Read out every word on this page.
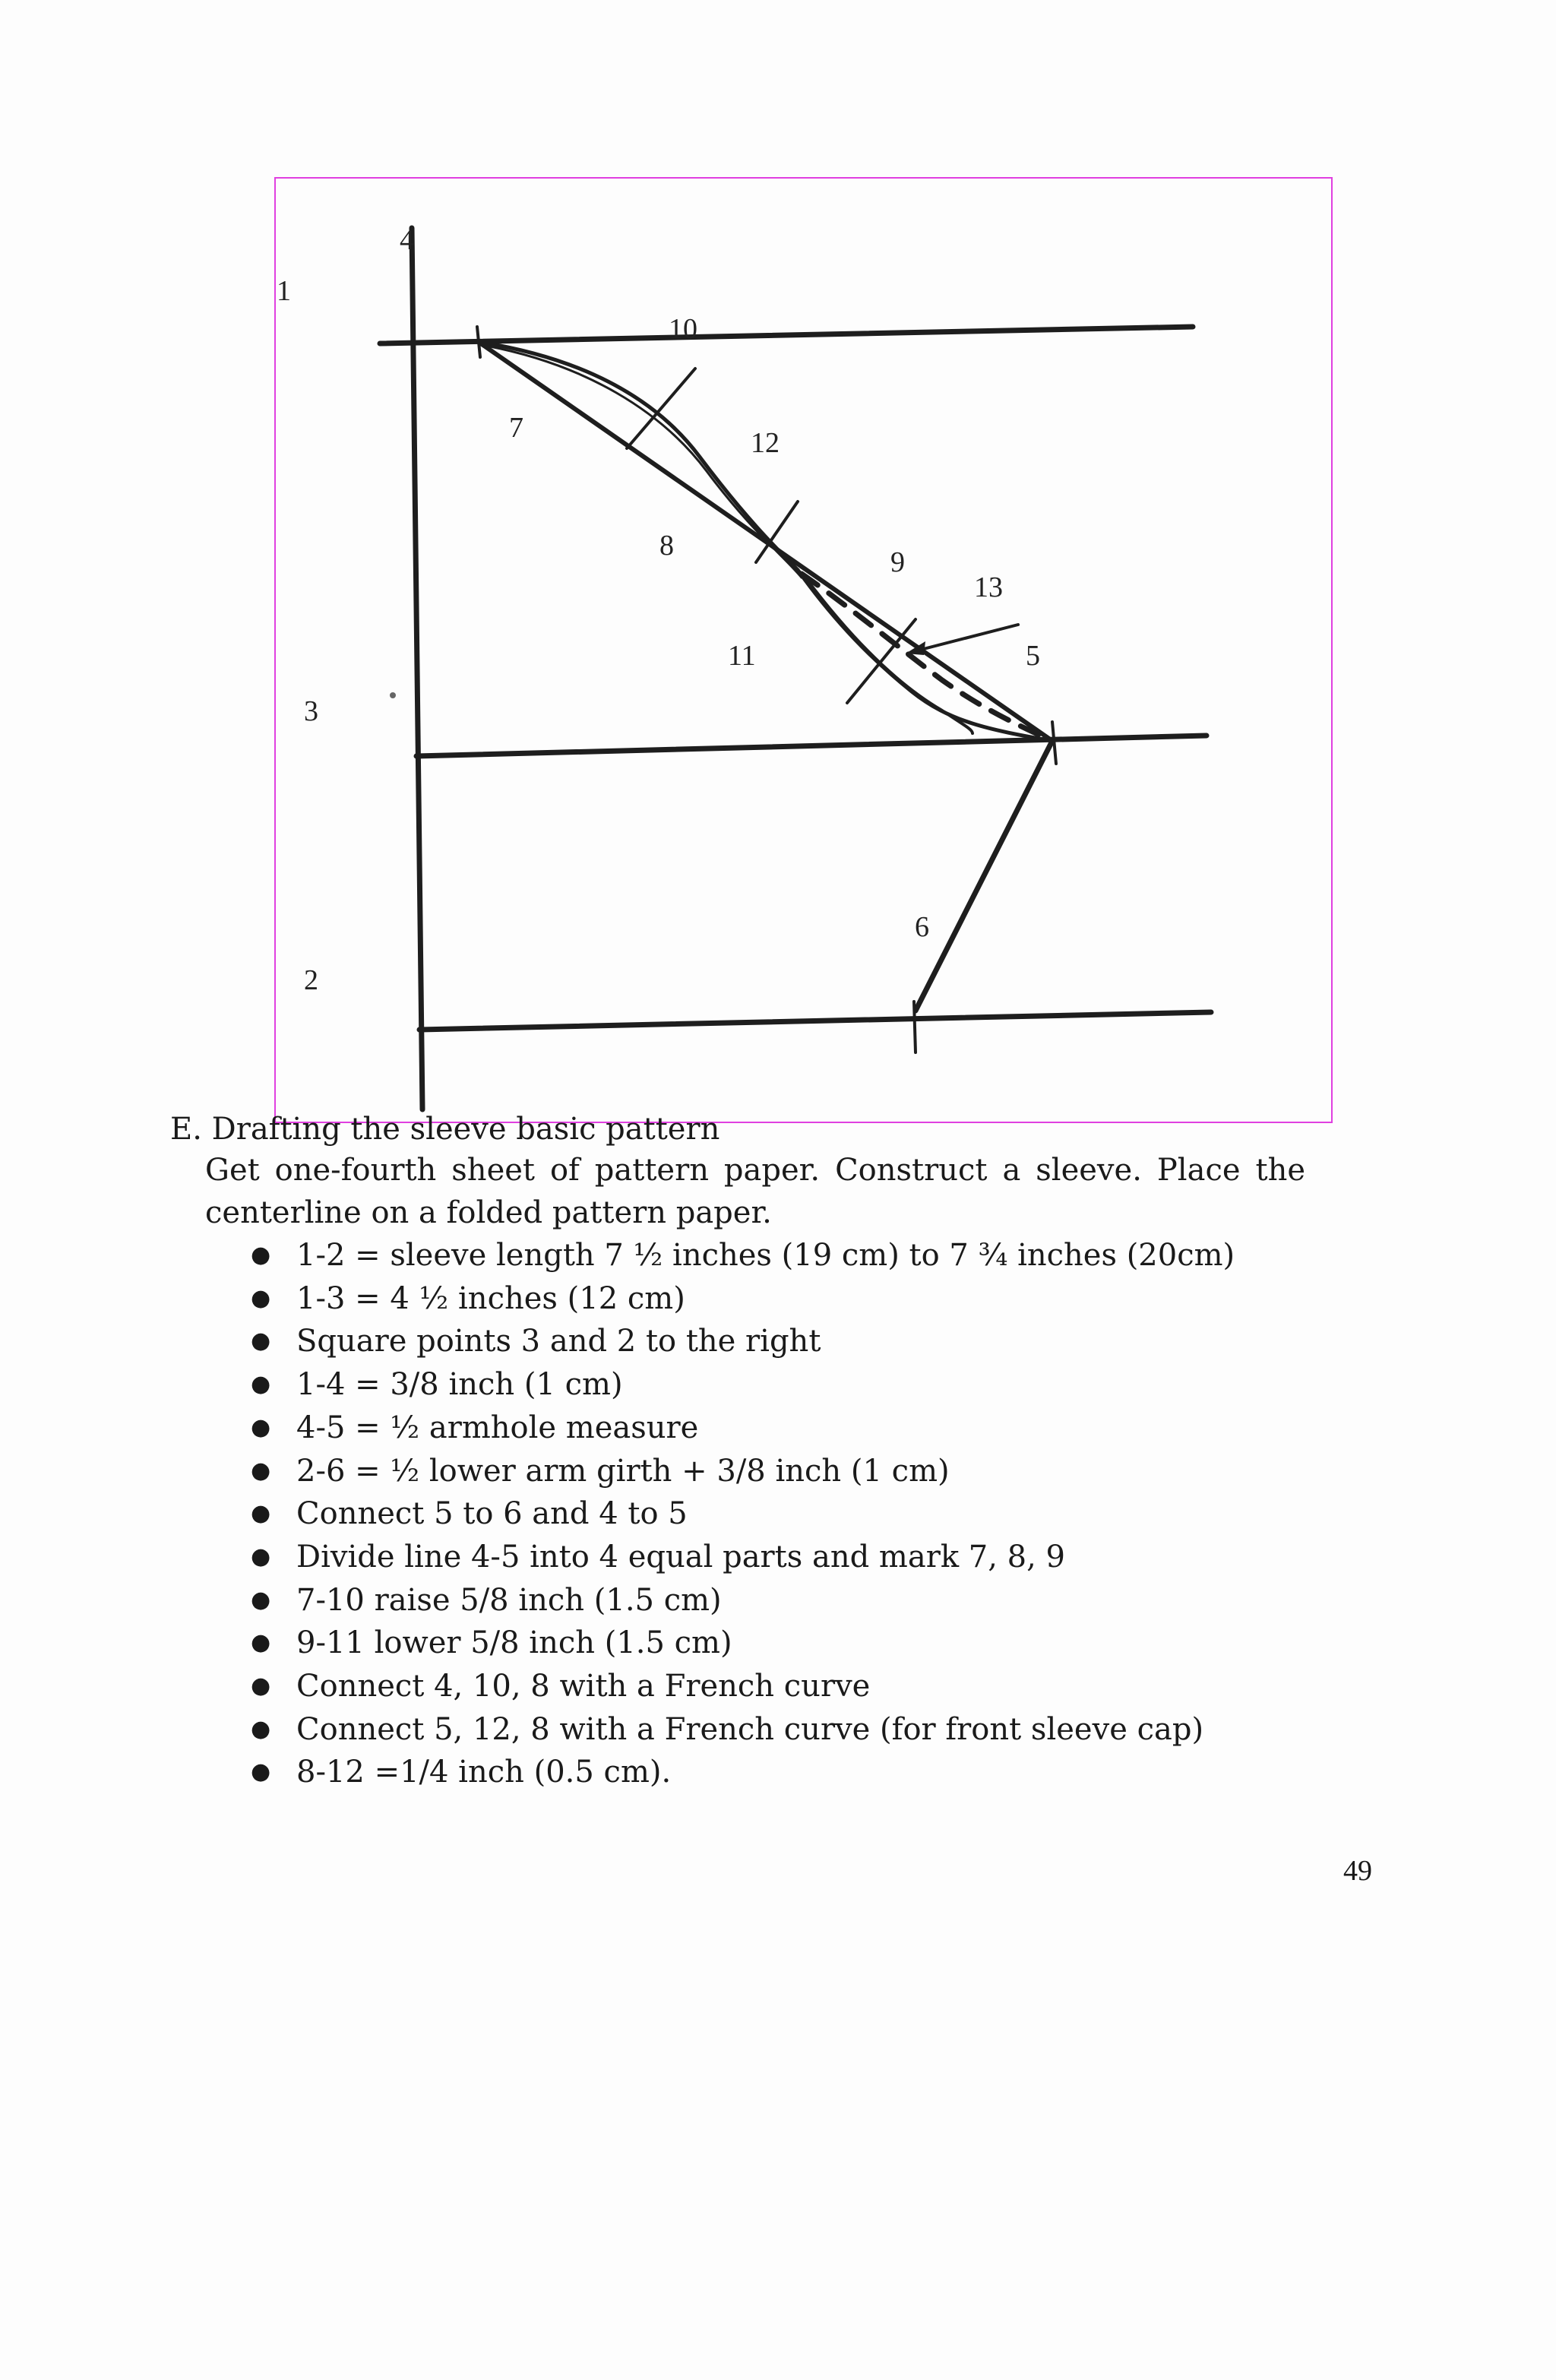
1
2
3
4
5
6
7
8
9
10
11
12
13
E. Drafting the sleeve basic pattern

Get one-fourth sheet of pattern paper. Construct a sleeve. Place the centerline on a folded pattern paper.

● 1-2 = sleeve length 7 ½ inches (19 cm) to 7 ¾ inches (20cm)
● 1-3 = 4 ½ inches (12 cm)
● Square points 3 and 2 to the right
● 1-4 = 3/8 inch (1 cm)
● 4-5 = ½ armhole measure
● 2-6 = ½ lower arm girth + 3/8 inch (1 cm)
● Connect 5 to 6 and 4 to 5
● Divide line 4-5 into 4 equal parts and mark 7, 8, 9
● 7-10 raise 5/8 inch (1.5 cm)
● 9-11 lower 5/8 inch (1.5 cm)
● Connect 4, 10, 8 with a French curve
● Connect 5, 12, 8 with a French curve (for front sleeve cap)
● 8-12 =1/4 inch (0.5 cm).
49
